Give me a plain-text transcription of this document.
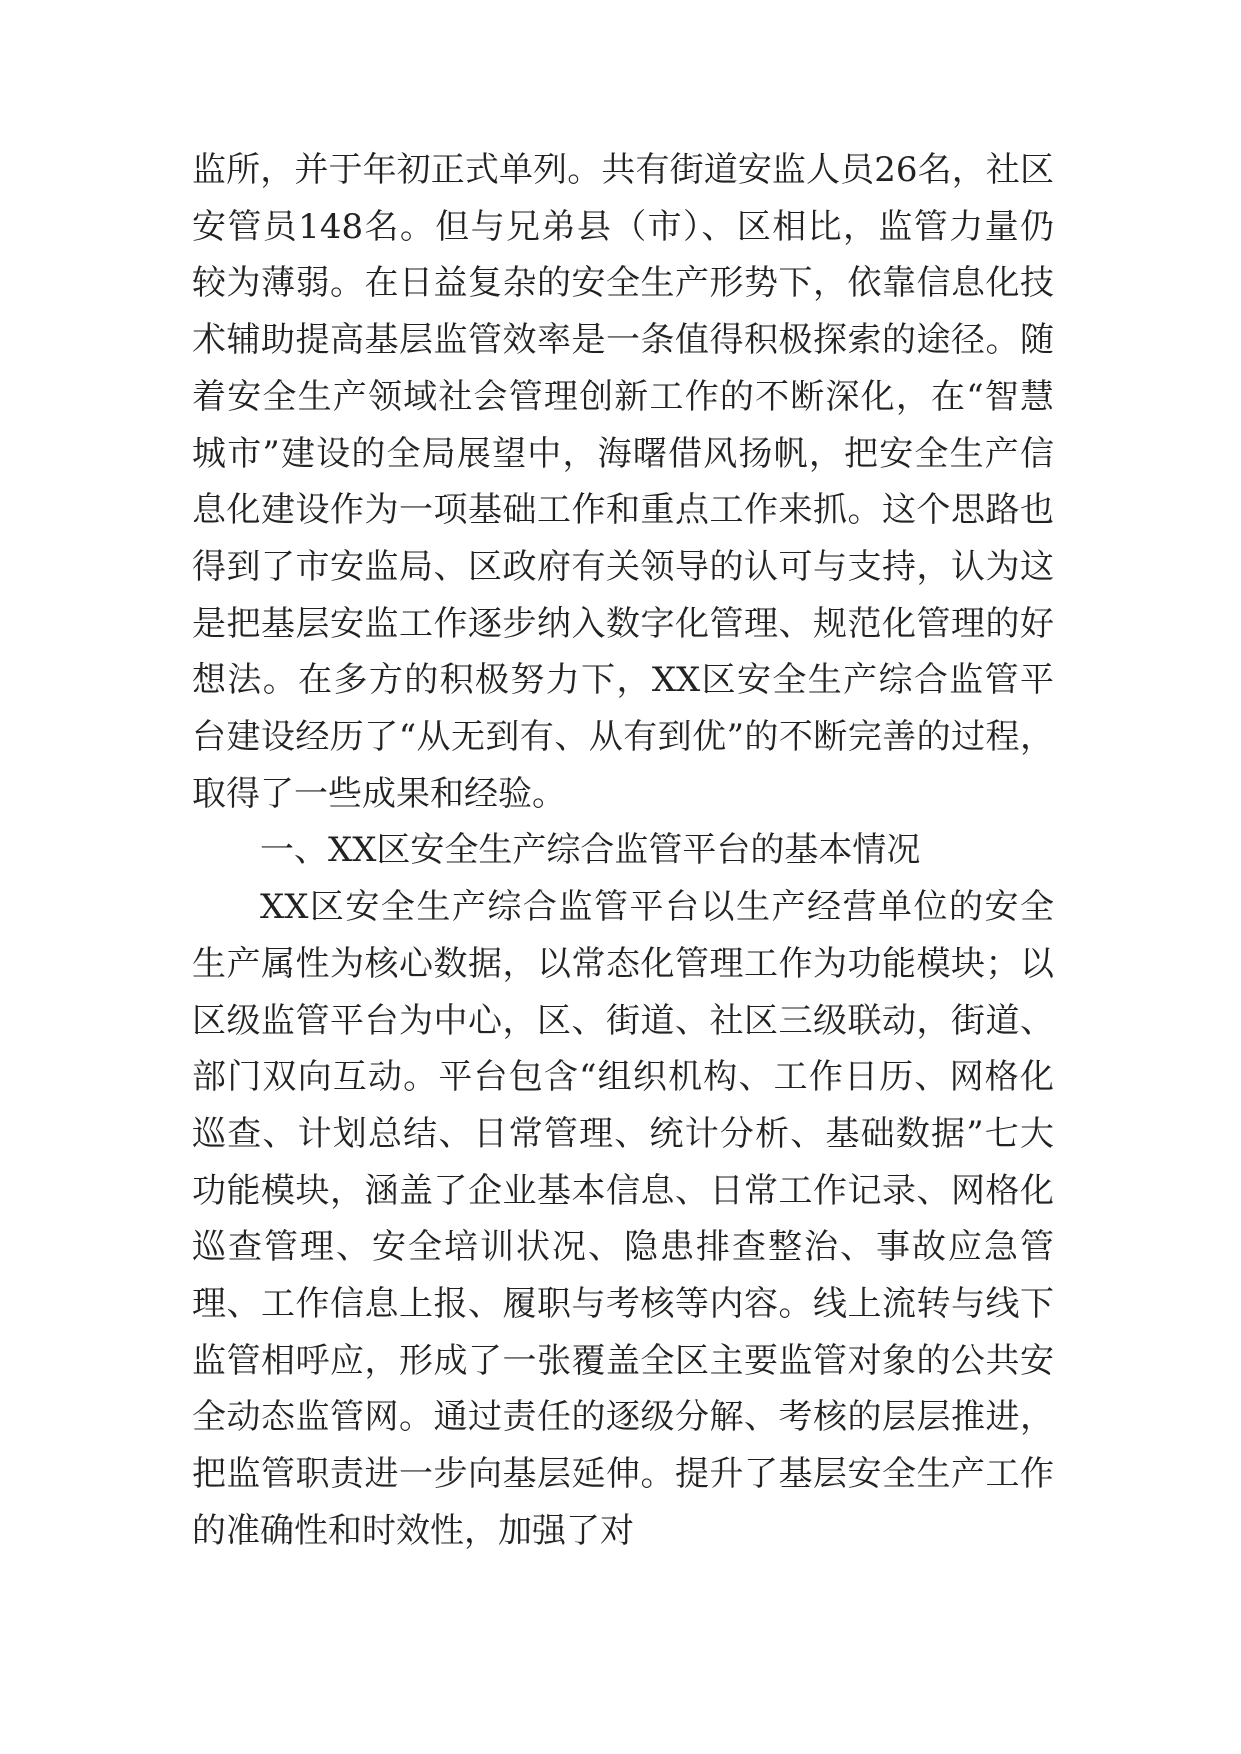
监所，并于年初正式单列。共有街道安监人员26名，社区安管员148名。但与兄弟县（市）、区相比，监管力量仍较为薄弱。在日益复杂的安全生产形势下，依靠信息化技术辅助提高基层监管效率是一条值得积极探索的途径。随着安全生产领域社会管理创新工作的不断深化，在“智慧城市”建设的全局展望中，海曙借风扬帆，把安全生产信息化建设作为一项基础工作和重点工作来抓。这个思路也得到了市安监局、区政府有关领导的认可与支持，认为这是把基层安监工作逐步纳入数字化管理、规范化管理的好想法。在多方的积极努力下，XX区安全生产综合监管平台建设经历了“从无到有、从有到优”的不断完善的过程，取得了一些成果和经验。

一、XX区安全生产综合监管平台的基本情况

XX区安全生产综合监管平台以生产经营单位的安全生产属性为核心数据，以常态化管理工作为功能模块；以区级监管平台为中心，区、街道、社区三级联动，街道、部门双向互动。平台包含“组织机构、工作日历、网格化巡查、计划总结、日常管理、统计分析、基础数据”七大功能模块，涵盖了企业基本信息、日常工作记录、网格化巡查管理、安全培训状况、隐患排查整治、事故应急管理、工作信息上报、履职与考核等内容。线上流转与线下监管相呼应，形成了一张覆盖全区主要监管对象的公共安全动态监管网。通过责任的逐级分解、考核的层层推进，把监管职责进一步向基层延伸。提升了基层安全生产工作的准确性和时效性，加强了对
